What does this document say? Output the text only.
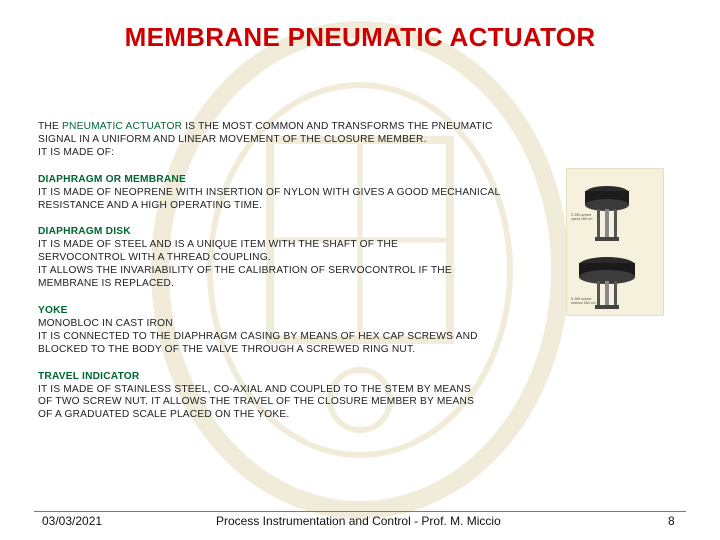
MEMBRANE PNEUMATIC ACTUATOR
THE PNEUMATIC ACTUATOR IS THE MOST COMMON AND TRANSFORMS THE PNEUMATIC
SIGNAL IN A UNIFORM AND LINEAR MOVEMENT OF THE CLOSURE MEMBER.
IT IS MADE OF:
DIAPHRAGM OR MEMBRANE
IT IS MADE OF NEOPRENE WITH INSERTION OF NYLON WITH GIVES A GOOD MECHANICAL
RESISTANCE AND A HIGH OPERATING TIME.
DIAPHRAGM DISK
IT IS MADE OF STEEL AND IS A UNIQUE ITEM WITH THE SHAFT OF THE
SERVOCONTROL WITH A THREAD COUPLING.
IT ALLOWS THE INVARIABILITY OF THE CALIBRATION OF SERVOCONTROL IF THE
MEMBRANE IS REPLACED.
YOKE
MONOBLOC IN CAST IRON
IT IS CONNECTED TO THE DIAPHRAGM CASING BY MEANS OF HEX CAP SCREWS AND
BLOCKED TO THE BODY OF THE VALVE THROUGH A SCREWED RING NUT.
TRAVEL INDICATOR
IT IS MADE OF STAINLESS STEEL, CO-AXIAL AND COUPLED TO THE STEM BY MEANS
OF TWO SCREW NUT. IT ALLOWS THE TRAVEL OF THE CLOSURE MEMBER BY MEANS
OF A GRADUATED SCALE PLACED ON THE YOKE.
S 285 azione
opera 285 cm
S 285 azione
sezione 564 cm
03/03/2021	Process Instrumentation and Control - Prof. M. Miccio	8
